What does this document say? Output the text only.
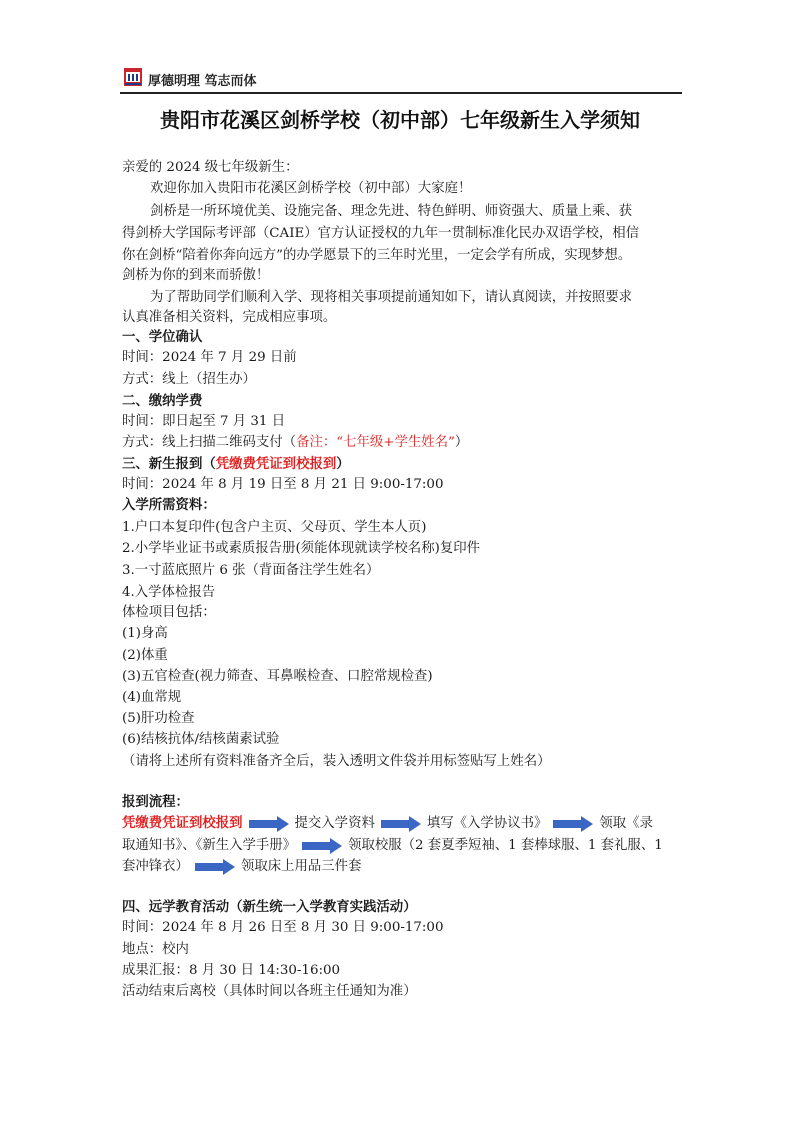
厚德明理 笃志而体
贵阳市花溪区剑桥学校（初中部）七年级新生入学须知
亲爱的 2024 级七年级新生：
欢迎你加入贵阳市花溪区剑桥学校（初中部）大家庭！
剑桥是一所环境优美、设施完备、理念先进、特色鲜明、师资强大、质量上乘、获
得剑桥大学国际考评部（CAIE）官方认证授权的九年一贯制标准化民办双语学校，相信
你在剑桥“陪着你奔向远方”的办学愿景下的三年时光里，一定会学有所成，实现梦想。
剑桥为你的到来而骄傲！
为了帮助同学们顺利入学、现将相关事项提前通知如下，请认真阅读，并按照要求
认真准备相关资料，完成相应事项。
一、学位确认
时间：2024 年 7 月 29 日前
方式：线上（招生办）
二、缴纳学费
时间：即日起至 7 月 31 日
方式：线上扫描二维码支付（备注：“七年级+学生姓名”）
三、新生报到（凭缴费凭证到校报到）
时间：2024 年 8 月 19 日至 8 月 21 日 9:00-17:00
入学所需资料：
1.户口本复印件(包含户主页、父母页、学生本人页)
2.小学毕业证书或素质报告册(须能体现就读学校名称)复印件
3.一寸蓝底照片 6 张（背面备注学生姓名）
4.入学体检报告
体检项目包括：
(1)身高
(2)体重
(3)五官检查(视力筛查、耳鼻喉检查、口腔常规检查)
(4)血常规
(5)肝功检查
(6)结核抗体/结核菌素试验
（请将上述所有资料准备齐全后，装入透明文件袋并用标签贴写上姓名）
报到流程：
凭缴费凭证到校报到	提交入学资料	填写《入学协议书》	领取《录
取通知书》、《新生入学手册》	领取校服（2 套夏季短袖、1 套棒球服、1 套礼服、1
套冲锋衣）	领取床上用品三件套
四、远学教育活动（新生统一入学教育实践活动）
时间：2024 年 8 月 26 日至 8 月 30 日 9:00-17:00
地点：校内
成果汇报：8 月 30 日 14:30-16:00
活动结束后离校（具体时间以各班主任通知为准）
